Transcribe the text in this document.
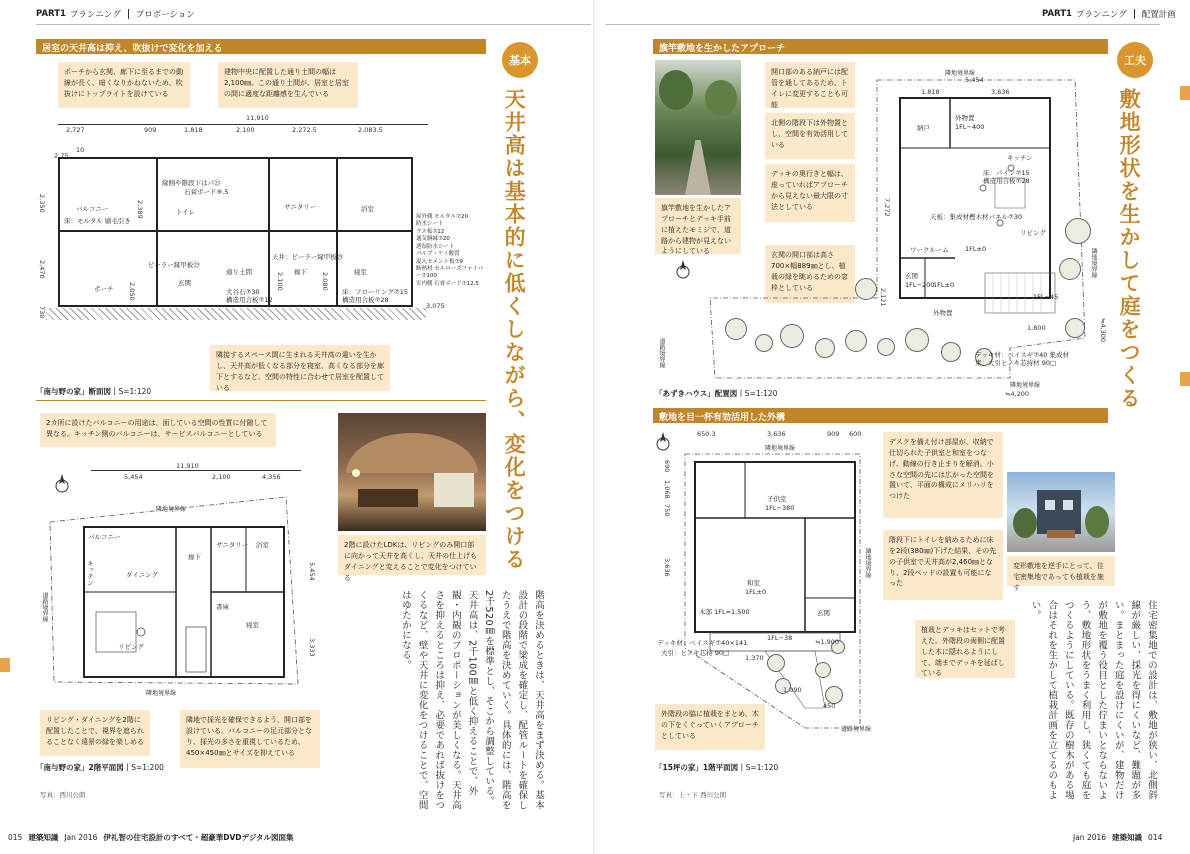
PART1 プランニング プロポーション
居室の天井高は抑え、吹抜けで変化を加える
ポーチから玄関、廊下に至るまでの動線が長く、暗くなりかねないため、吹抜けにトップライトを設けている
建物中央に配置した通り土間の幅は2,100㎜。この通り土間が、居室と居室の間に適度な距離感を生んでいる
11,910
2,727	909	1,818	2,100	2,272.5	2,083.5
2.75
10
2,350
2,470
730
バルコニー
床：モルタル 刷毛引き
トイレ
サニタリー	浴室
通り土間
玄関
廊下	寝室
ポーチ
縁側や階段下はパ㉓
石膏ボード⑨.5
ビーラー縁甲板㉙
天井：ビーラー縁甲板㉙
大谷石⑦30
構造用合板⑦12
床：フローリング⑦15
構造用合板⑦28
2,050
2,080
2,100
2,389
3,075
屋外側 モルタル⑦20
防水シート
ラス板⑦12
通気胴縁⑦20
透湿防水シート
パルプ・ケイ酸質
混入セメント板⑦9
断熱材 セルローズファイバー⑦100
室内側 石膏ボード⑦12.5
隣接するスペース間に生まれる天井高の違いを生かし、天井高が低くなる部分を寝室、高くなる部分を廊下とするなど、空間の特性に合わせて居室を配置している
「南与野の家」断面図｜S=1:120
2カ所に設けたバルコニーの用途は、面している空間の性質に付随して異なる。キッチン側のバルコニーは、サービスバルコニーとしている
11,910
5,454	2,100	4,356
隣地境界線
道路境界線
隣地境界線
5,454
3,333
バルコニー
キッチン	ダイニング
リビング
廊下
サニタリー 浴室
寝室
書庫
2階に設けたLDKは、リビングのみ開口部に向かって天井を高くし、天井の仕上げもダイニングと変えることで変化をつけている
リビング・ダイニングを2階に配置したことで、視界を遮られることなく遠景の緑を楽しめる
隣地で採光を確保できるよう、開口部を設けている。バルコニーの足元部分となり、採光の多さを重視しているため、450×450㎜とサイズを抑えている
「南与野の家」2階平面図｜S=1:200
写真：西川公朗
基本
天井高は基本的に低くしながら、変化をつける
階高を決めるときは、天井高をまず決める。基本設計の段階で梁成を確定し、配管ルートを確保したうえで階高を決めていく。具体的には、階高を2千520㎜を標準とし、そこから調整している。天井高は、2千100㎜と低く抑えることで、外観・内観のプロポーションが美しくなる。天井高さを抑えるところは抑え、必要であれば抜けをつくるなど、壁や天井に変化をつけることで、空間はゆたかになる。
015 建築知識 Jan 2016 伊礼智の住宅設計のすべて・超豪華DVDデジタル図面集
PART1 プランニング 配置計画
旗竿敷地を生かしたアプローチ
旗竿敷地を生かしたアプローチとデッキ手前に植えたモミジで、道路から建物が見えないようにしている
開口部のある納戸には配管を通してあるため、トイレに変更することも可能
北側の階段下は外物置とし、空間を有効活用している
デッキの奥行きと幅は、座っていればアプローチから見えない最大限の寸法としている
玄関の開口部は高さ700×幅889㎜とし、植栽の緑を眺めるための窓枠としている
隣地境界線
隣地境界線
道路境界線
隣地境界線
5,454
1,818	3,636
7,272
1,800
≒4,200
≒4,300
2,121
外物置
1FL−400
納戸
キッチン
ワークルーム 1FL±0
リビング
玄関
1FL−200
1FL±0
外物置
1FL−45
床：パイン⑦15
構造用合板⑦28
天板：集成材樫木材パネル⑦30
デッキ材：ベイスギ⑦40 集成材
束：大引ヒノキ芯持材 90□
「あずきハウス」配置図｜S=1:120
敷地を目一杯有効活用した外構
650.3	3,636	909 600
隣地境界線
690
1,068
750
3,636	隣地境界線
子供室
1FL−380
和室
1FL±0
玄関
木部 1FL=1,500
1FL−38
デッキ材：ベイスギ⑦40×141
大引：ヒノキ芯持 90□
1,370
1,090
450
≒1,900
道路境界線
デスクを備え付け部屋が、収納で仕切られた子供室と和室をつなげ、動線の行き止まりを解消。小さな空間の先には広がった空間を置いて、平面の構成にメリハリをつけた
階段下にトイレを納めるために床を2段(380㎜)下げた結果、その先の子供室で天井高が2,460㎜となり、2段ベッドの設置も可能になった
植栽とデッキはセットで考えた。外階段の両側に配置した木に隠れるようにして、端までデッキを延ばしている
外階段の脇に植栽をまとめ、木の下をくぐっていくアプローチとしている
変形敷地を逆手にとって、住宅密集地であっても植栽を施す
「15坪の家」1階平面図｜S=1:120
写真：上・下 西川公朗
工夫
敷地形状を生かして庭をつくる
住宅密集地での設計は、敷地が狭い、北側斜線が厳しい、採光を得にくいなど、難題が多い。まとまった庭を設けにくいが、建物だけが敷地を覆う役目とした佇まいとならないよう、敷地形状をうまく利用し、狭くても庭をつくるようにしている。既存の樹木がある場合はそれを生かして植栽計画を立てるのもよい。
Jan 2016 建築知識 014
